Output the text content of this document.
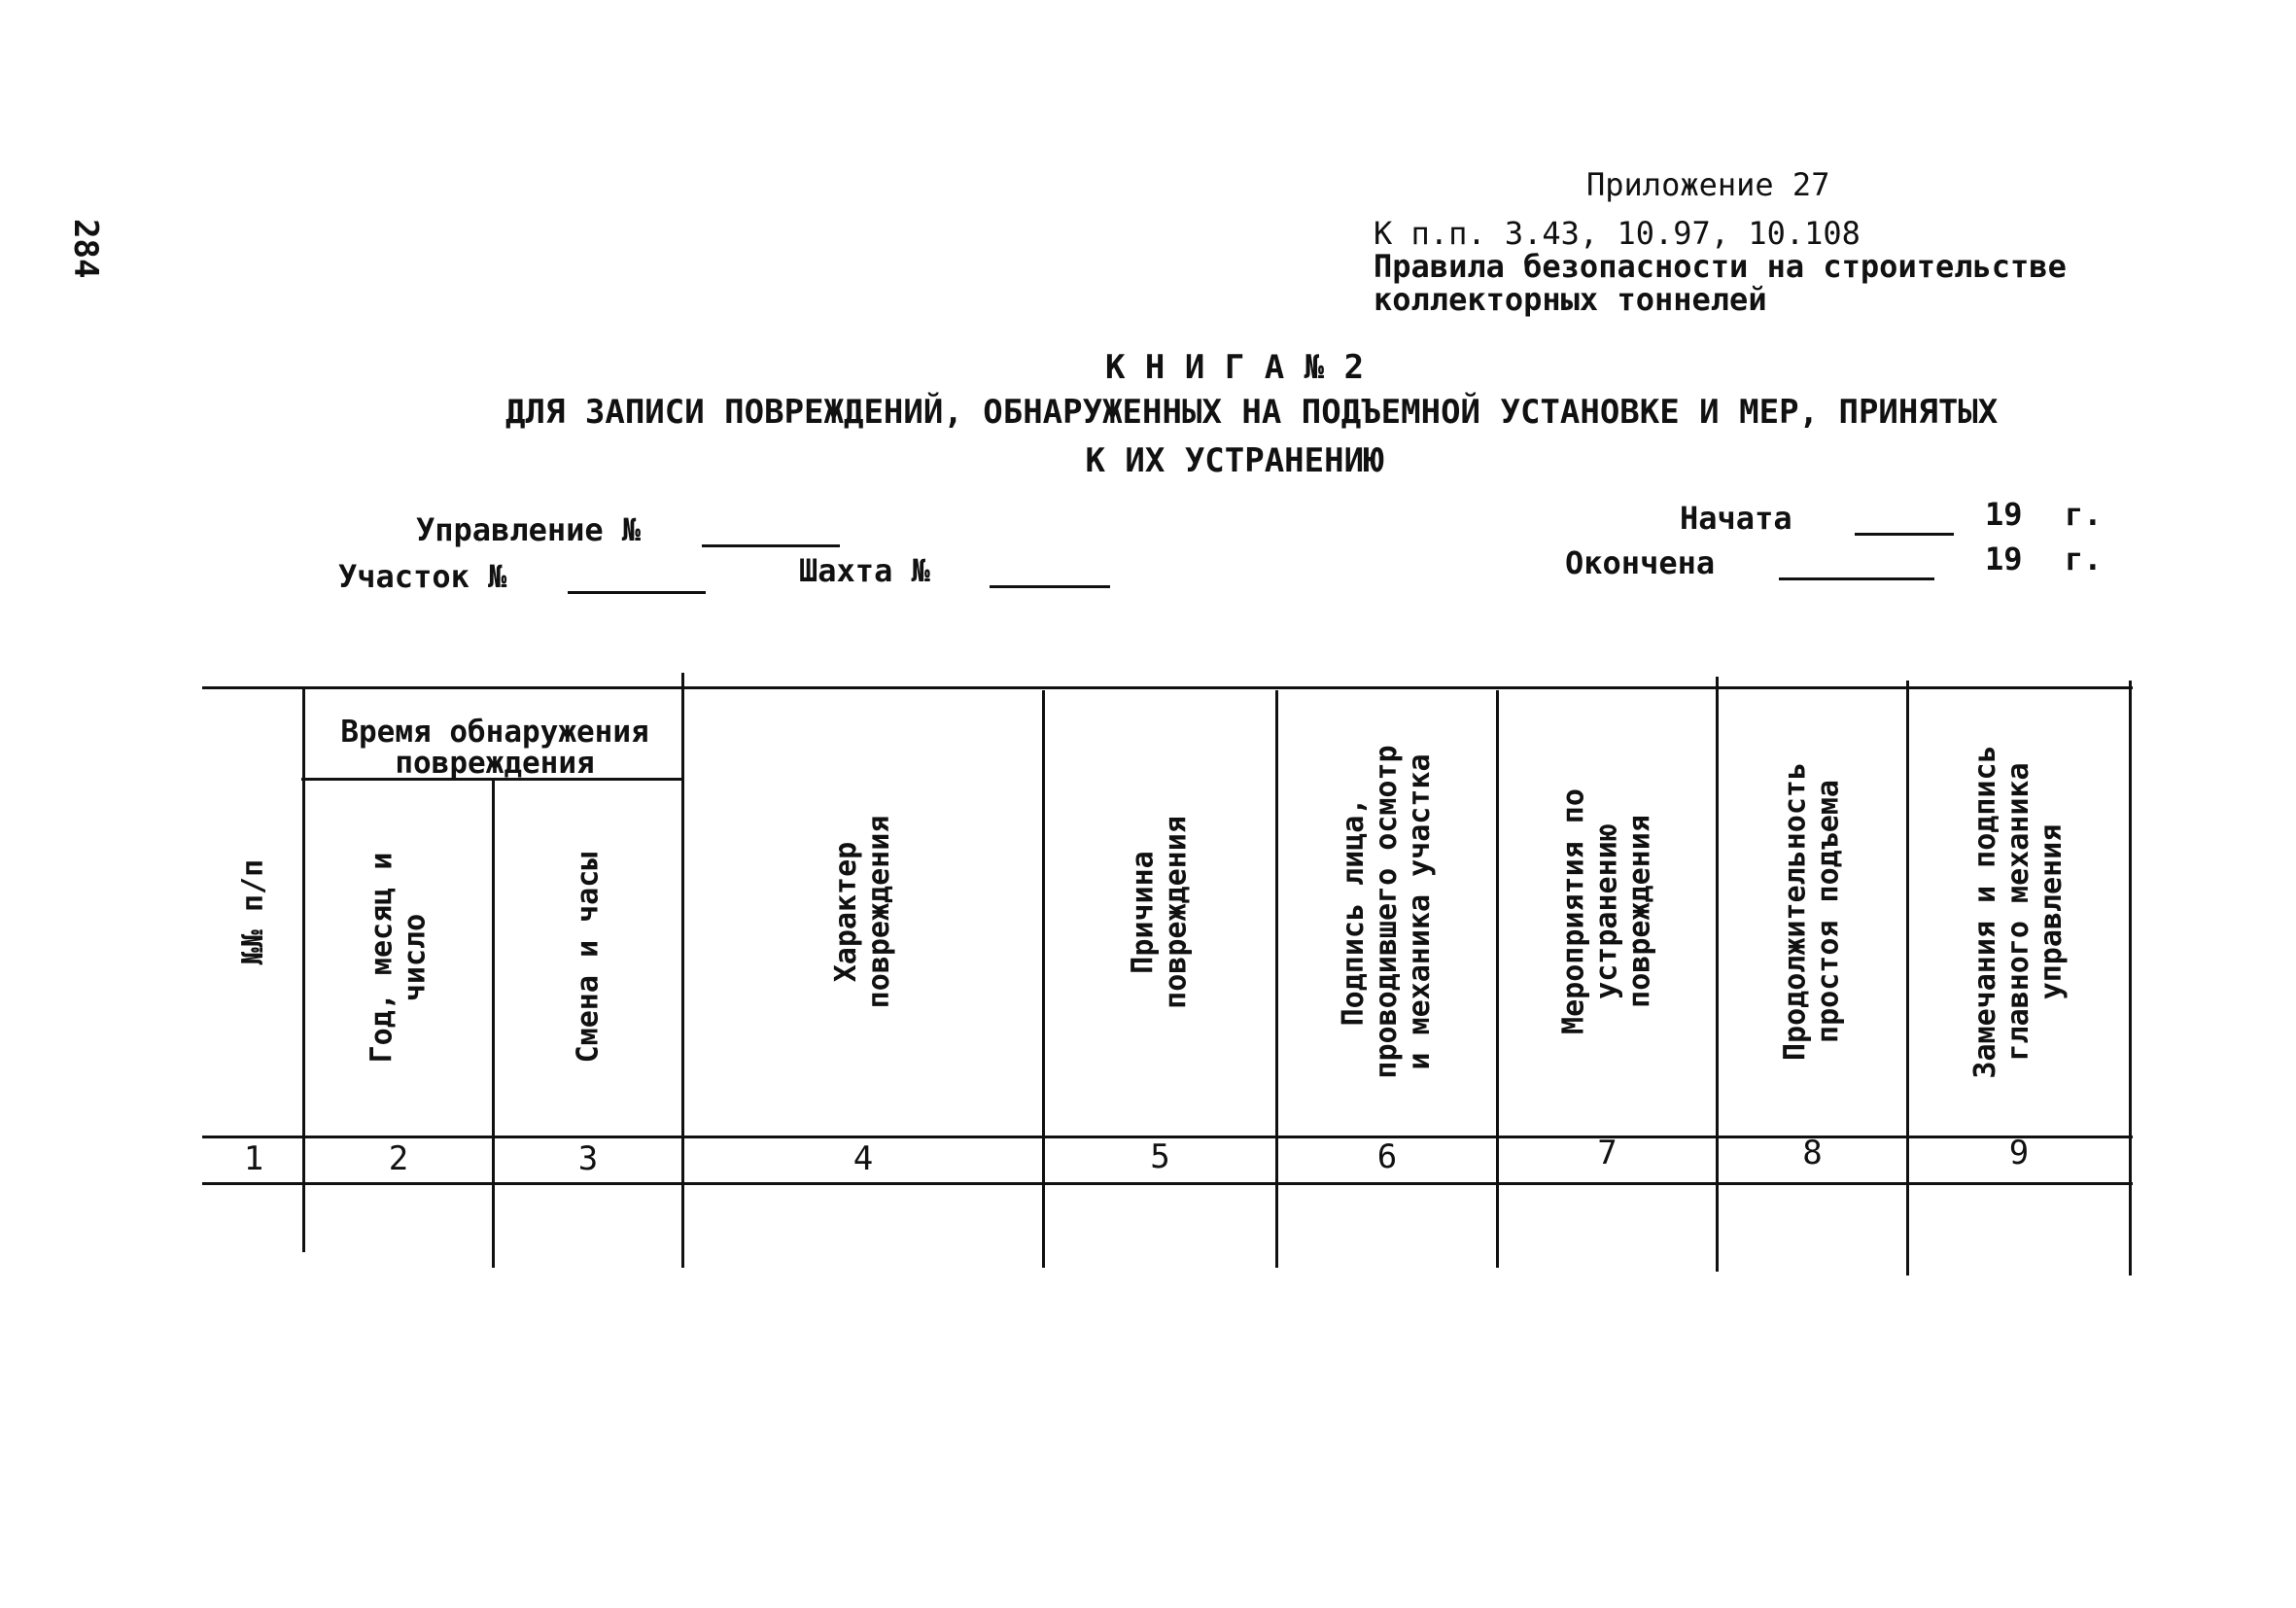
284
Приложение 27
К п.п. 3.43, 10.97, 10.108
Правила безопасности на строительстве
коллекторных тоннелей
К Н И Г А № 2
ДЛЯ ЗАПИСИ ПОВРЕЖДЕНИЙ, ОБНАРУЖЕННЫХ НА ПОДЪЕМНОЙ УСТАНОВКЕ И МЕР, ПРИНЯТЫХ
К ИХ УСТРАНЕНИЮ
Управление №
Участок №	Шахта №
Начата	19 г.
Окончена	19 г.
Время обнаружения
повреждения
№№ п/п	Год, месяц и число	Смена и часы	Характер повреждения	Причина повреждения	Подпись лица, проводившего осмотр и механика участка	Мероприятия по устранению повреждения	Продолжительность простоя подъема	Замечания и подпись главного механика управления
1	2	3	4	5	6	7	8	9
